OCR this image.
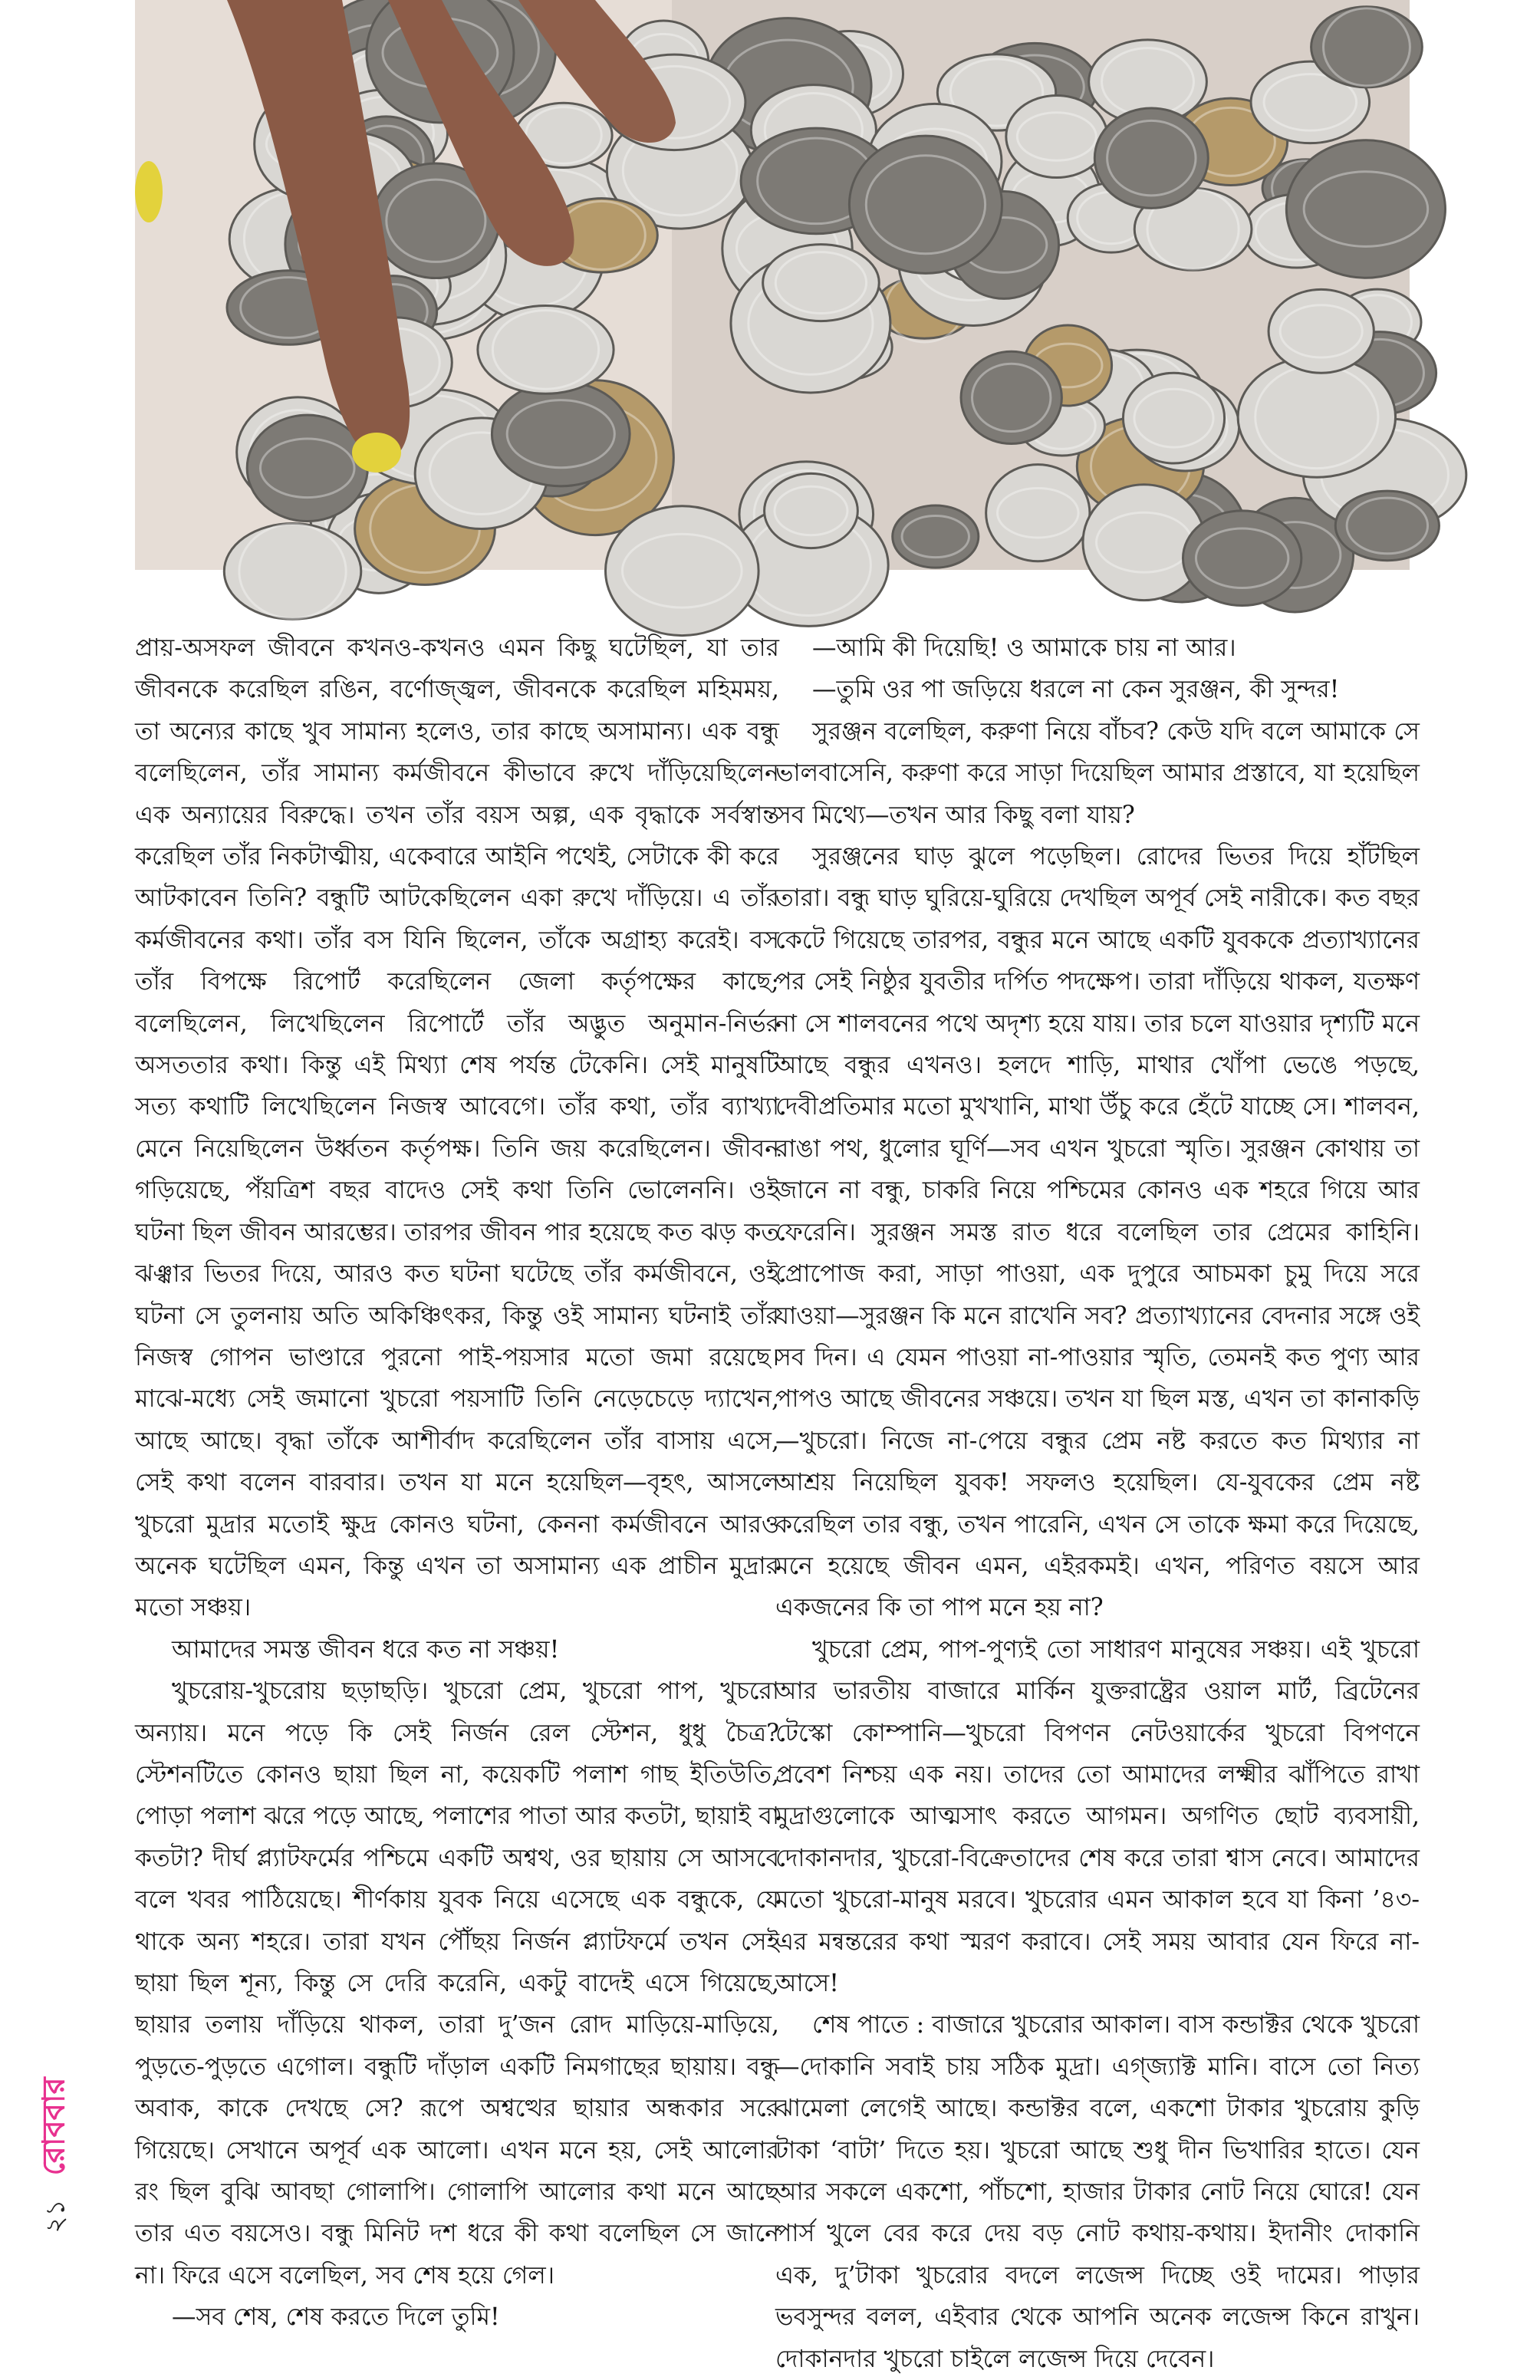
প্রায়-অসফল জীবনে কখনও-কখনও এমন কিছু ঘটেছিল, যা তার জীবনকে করেছিল রঙিন, বর্ণোজ্জ্বল, জীবনকে করেছিল মহিমময়, তা অন্যের কাছে খুব সামান্য হলেও, তার কাছে অসামান্য। এক বন্ধু বলেছিলেন, তাঁর সামান্য কর্মজীবনে কীভাবে রুখে দাঁড়িয়েছিলেন এক অন্যায়ের বিরুদ্ধে। তখন তাঁর বয়স অল্প, এক বৃদ্ধাকে সর্বস্বান্ত করেছিল তাঁর নিকটাত্মীয়, একেবারে আইনি পথেই, সেটাকে কী করে আটকাবেন তিনি? বন্ধুটি আটকেছিলেন একা রুখে দাঁড়িয়ে। এ তাঁর কর্মজীবনের কথা। তাঁর বস যিনি ছিলেন, তাঁকে অগ্রাহ্য করেই। বস তাঁর বিপক্ষে রিপোর্ট করেছিলেন জেলা কর্তৃপক্ষের কাছে; বলেছিলেন, লিখেছিলেন রিপোর্টে তাঁর অদ্ভুত অনুমান-নির্ভর অসততার কথা। কিন্তু এই মিথ্যা শেষ পর্যন্ত টেকেনি। সেই মানুষটি সত্য কথাটি লিখেছিলেন নিজস্ব আবেগে। তাঁর কথা, তাঁর ব্যাখ্যা মেনে নিয়েছিলেন উর্ধ্বতন কর্তৃপক্ষ। তিনি জয় করেছিলেন। জীবন গড়িয়েছে, পঁয়ত্রিশ বছর বাদেও সেই কথা তিনি ভোলেননি। ওই ঘটনা ছিল জীবন আরম্ভের। তারপর জীবন পার হয়েছে কত ঝড় কত ঝঞ্ঝার ভিতর দিয়ে, আরও কত ঘটনা ঘটেছে তাঁর কর্মজীবনে, ওই ঘটনা সে তুলনায় অতি অকিঞ্চিৎকর, কিন্তু ওই সামান্য ঘটনাই তাঁর নিজস্ব গোপন ভাণ্ডারে পুরনো পাই-পয়সার মতো জমা রয়েছে। মাঝে-মধ্যে সেই জমানো খুচরো পয়সাটি তিনি নেড়েচেড়ে দ্যাখেন, আছে আছে। বৃদ্ধা তাঁকে আশীর্বাদ করেছিলেন তাঁর বাসায় এসে, সেই কথা বলেন বারবার। তখন যা মনে হয়েছিল—বৃহৎ, আসলে খুচরো মুদ্রার মতোই ক্ষুদ্র কোনও ঘটনা, কেননা কর্মজীবনে আরও অনেক ঘটেছিল এমন, কিন্তু এখন তা অসামান্য এক প্রাচীন মুদ্রার মতো সঞ্চয়।

আমাদের সমস্ত জীবন ধরে কত না সঞ্চয়!

খুচরোয়-খুচরোয় ছড়াছড়ি। খুচরো প্রেম, খুচরো পাপ, খুচরো অন্যায়। মনে পড়ে কি সেই নির্জন রেল স্টেশন, ধুধু চৈত্র? স্টেশনটিতে কোনও ছায়া ছিল না, কয়েকটি পলাশ গাছ ইতিউতি, পোড়া পলাশ ঝরে পড়ে আছে, পলাশের পাতা আর কতটা, ছায়াই বা কতটা? দীর্ঘ প্ল্যাটফর্মের পশ্চিমে একটি অশ্বথ, ওর ছায়ায় সে আসবে বলে খবর পাঠিয়েছে। শীর্ণকায় যুবক নিয়ে এসেছে এক বন্ধুকে, যে থাকে অন্য শহরে। তারা যখন পৌঁছয় নির্জন প্ল্যাটফর্মে তখন সেই ছায়া ছিল শূন্য, কিন্তু সে দেরি করেনি, একটু বাদেই এসে গিয়েছে, ছায়ার তলায় দাঁড়িয়ে থাকল, তারা দু’জন রোদ মাড়িয়ে-মাড়িয়ে, পুড়তে-পুড়তে এগোল। বন্ধুটি দাঁড়াল একটি নিমগাছের ছায়ায়। বন্ধু অবাক, কাকে দেখছে সে? রূপে অশ্বত্থের ছায়ার অন্ধকার সরে গিয়েছে। সেখানে অপূর্ব এক আলো। এখন মনে হয়, সেই আলোর রং ছিল বুঝি আবছা গোলাপি। গোলাপি আলোর কথা মনে আছে তার এত বয়সেও। বন্ধু মিনিট দশ ধরে কী কথা বলেছিল সে জানে না। ফিরে এসে বলেছিল, সব শেষ হয়ে গেল।

—সব শেষ, শেষ করতে দিলে তুমি!

—আমি কী দিয়েছি! ও আমাকে চায় না আর।

—তুমি ওর পা জড়িয়ে ধরলে না কেন সুরঞ্জন, কী সুন্দর!

সুরঞ্জন বলেছিল, করুণা নিয়ে বাঁচব? কেউ যদি বলে আমাকে সে ভালবাসেনি, করুণা করে সাড়া দিয়েছিল আমার প্রস্তাবে, যা হয়েছিল সব মিথ্যে—তখন আর কিছু বলা যায়?

সুরঞ্জনের ঘাড় ঝুলে পড়েছিল। রোদের ভিতর দিয়ে হাঁটছিল তারা। বন্ধু ঘাড় ঘুরিয়ে-ঘুরিয়ে দেখছিল অপূর্ব সেই নারীকে। কত বছর কেটে গিয়েছে তারপর, বন্ধুর মনে আছে একটি যুবককে প্রত্যাখ্যানের পর সেই নিষ্ঠুর যুবতীর দর্পিত পদক্ষেপ। তারা দাঁড়িয়ে থাকল, যতক্ষণ না সে শালবনের পথে অদৃশ্য হয়ে যায়। তার চলে যাওয়ার দৃশ্যটি মনে আছে বন্ধুর এখনও। হলদে শাড়ি, মাথার খোঁপা ভেঙে পড়ছে, দেবীপ্রতিমার মতো মুখখানি, মাথা উঁচু করে হেঁটে যাচ্ছে সে। শালবন, রাঙা পথ, ধুলোর ঘূর্ণি—সব এখন খুচরো স্মৃতি। সুরঞ্জন কোথায় তা জানে না বন্ধু, চাকরি নিয়ে পশ্চিমের কোনও এক শহরে গিয়ে আর ফেরেনি। সুরঞ্জন সমস্ত রাত ধরে বলেছিল তার প্রেমের কাহিনি। প্রোপোজ করা, সাড়া পাওয়া, এক দুপুরে আচমকা চুমু দিয়ে সরে যাওয়া—সুরঞ্জন কি মনে রাখেনি সব? প্রত্যাখ্যানের বেদনার সঙ্গে ওই সব দিন। এ যেমন পাওয়া না-পাওয়ার স্মৃতি, তেমনই কত পুণ্য আর পাপও আছে জীবনের সঞ্চয়ে। তখন যা ছিল মস্ত, এখন তা কানাকড়ি—খুচরো। নিজে না-পেয়ে বন্ধুর প্রেম নষ্ট করতে কত মিথ্যার না আশ্রয় নিয়েছিল যুবক! সফলও হয়েছিল। যে-যুবকের প্রেম নষ্ট করেছিল তার বন্ধু, তখন পারেনি, এখন সে তাকে ক্ষমা করে দিয়েছে, মনে হয়েছে জীবন এমন, এইরকমই। এখন, পরিণত বয়সে আর একজনের কি তা পাপ মনে হয় না?

খুচরো প্রেম, পাপ-পুণ্যই তো সাধারণ মানুষের সঞ্চয়। এই খুচরো আর ভারতীয় বাজারে মার্কিন যুক্তরাষ্ট্রের ওয়াল মার্ট, ব্রিটেনের টেস্কো কোম্পানি—খুচরো বিপণন নেটওয়ার্কের খুচরো বিপণনে প্রবেশ নিশ্চয় এক নয়। তাদের তো আমাদের লক্ষ্মীর ঝাঁপিতে রাখা মুদ্রাগুলোকে আত্মসাৎ করতে আগমন। অগণিত ছোট ব্যবসায়ী, দোকানদার, খুচরো-বিক্রেতাদের শেষ করে তারা শ্বাস নেবে। আমাদের মতো খুচরো-মানুষ মরবে। খুচরোর এমন আকাল হবে যা কিনা ’৪৩-এর মন্বন্তরের কথা স্মরণ করাবে। সেই সময় আবার যেন ফিরে না-আসে!

শেষ পাতে : বাজারে খুচরোর আকাল। বাস কন্ডাক্টর থেকে খুচরো—দোকানি সবাই চায় সঠিক মুদ্রা। এগ্‌জ্যাক্ট মানি। বাসে তো নিত্য ঝামেলা লেগেই আছে। কন্ডাক্টর বলে, একশো টাকার খুচরোয় কুড়ি টাকা ‘বাটা’ দিতে হয়। খুচরো আছে শুধু দীন ভিখারির হাতে। যেন আর সকলে একশো, পাঁচশো, হাজার টাকার নোট নিয়ে ঘোরে! যেন পার্স খুলে বের করে দেয় বড় নোট কথায়-কথায়। ইদানীং দোকানি এক, দু’টাকা খুচরোর বদলে লজেন্স দিচ্ছে ওই দামের। পাড়ার ভবসুন্দর বলল, এইবার থেকে আপনি অনেক লজেন্স কিনে রাখুন। দোকানদার খুচরো চাইলে লজেন্স দিয়ে দেবেন।

২১ রোববার
